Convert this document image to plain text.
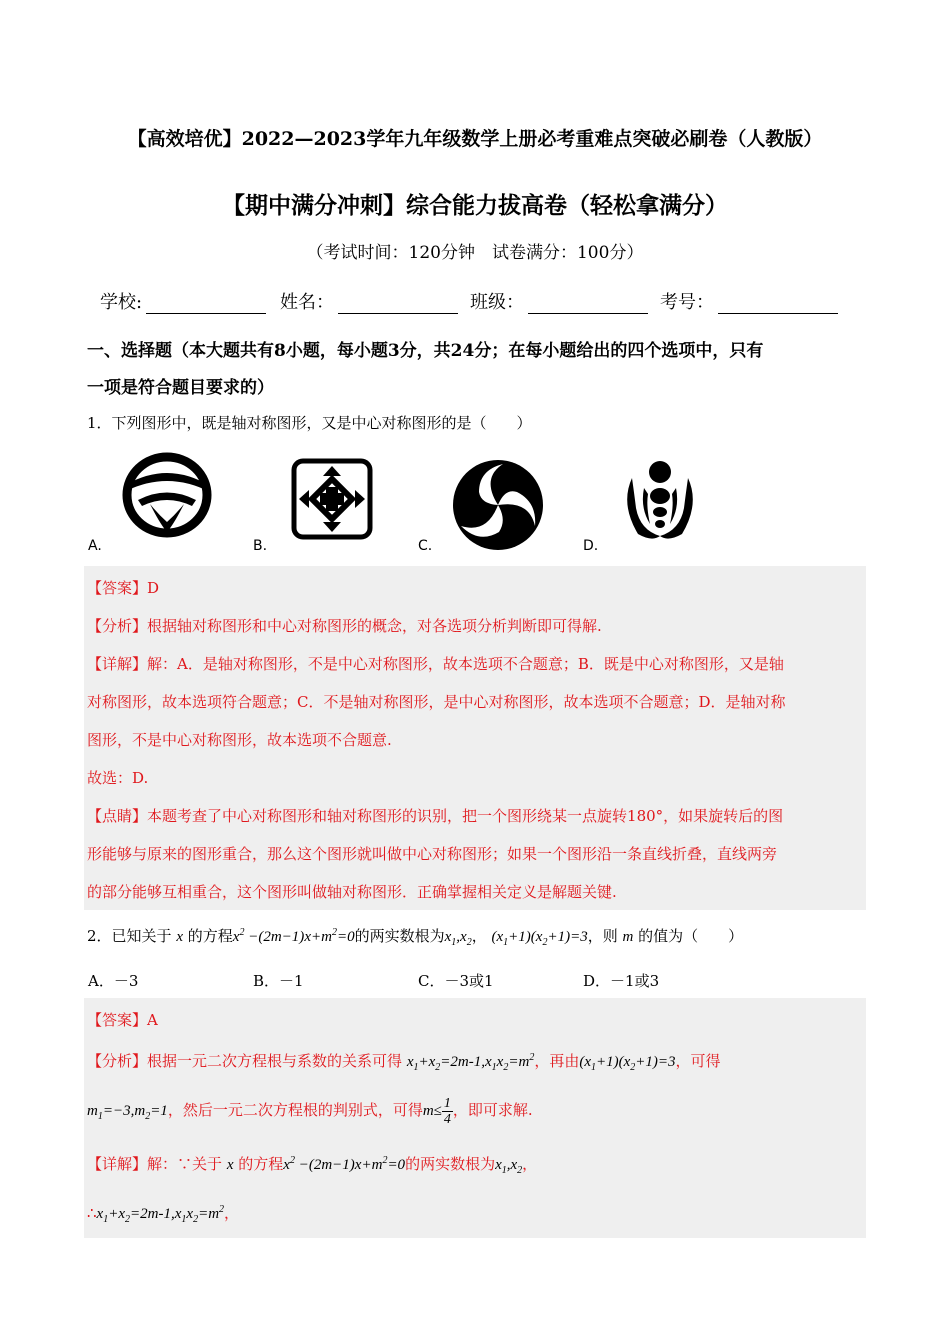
【高效培优】2022—2023学年九年级数学上册必考重难点突破必刷卷（人教版）
【期中满分冲刺】综合能力拔高卷（轻松拿满分）
（考试时间：120分钟　试卷满分：100分）
学校:	姓名：	班级：	考号：
一、选择题（本大题共有8小题，每小题3分，共24分；在每小题给出的四个选项中，只有
一项是符合题目要求的）
1．下列图形中，既是轴对称图形，又是中心对称图形的是（　　）
A.	B.	C.	D.
【答案】D
【分析】根据轴对称图形和中心对称图形的概念，对各选项分析判断即可得解.
【详解】解：A．是轴对称图形，不是中心对称图形，故本选项不合题意；B．既是中心对称图形，又是轴
对称图形，故本选项符合题意；C．不是轴对称图形，是中心对称图形，故本选项不合题意；D．是轴对称
图形，不是中心对称图形，故本选项不合题意.
故选：D.
【点睛】本题考查了中心对称图形和轴对称图形的识别，把一个图形绕某一点旋转180°，如果旋转后的图
形能够与原来的图形重合，那么这个图形就叫做中心对称图形；如果一个图形沿一条直线折叠，直线两旁
的部分能够互相重合，这个图形叫做轴对称图形．正确掌握相关定义是解题关键.
2．已知关于 x 的方程$x^2 -(2m-1)x+m^2=0$的两实数根为$x_1,x_2$， $(x_1+1)(x_2+1)=3$，则 m 的值为（　　）
A．－3	B．－1	C．－3或1	D．－1或3
【答案】A
【分析】根据一元二次方程根与系数的关系可得 $x_1+x_2=2m-1,x_1x_2=m^2$，再由$(x_1+1)(x_2+1)=3$，可得
$m_1=-3,m_2=1$，然后一元二次方程根的判别式，可得$m\le \frac{1}{4}$ ，即可求解.
【详解】解：∵关于 x 的方程$x^2 -(2m-1)x+m^2=0$的两实数根为$x_1,x_2$，
$\therefore x_1+x_2=2m-1,x_1x_2=m^2$，
